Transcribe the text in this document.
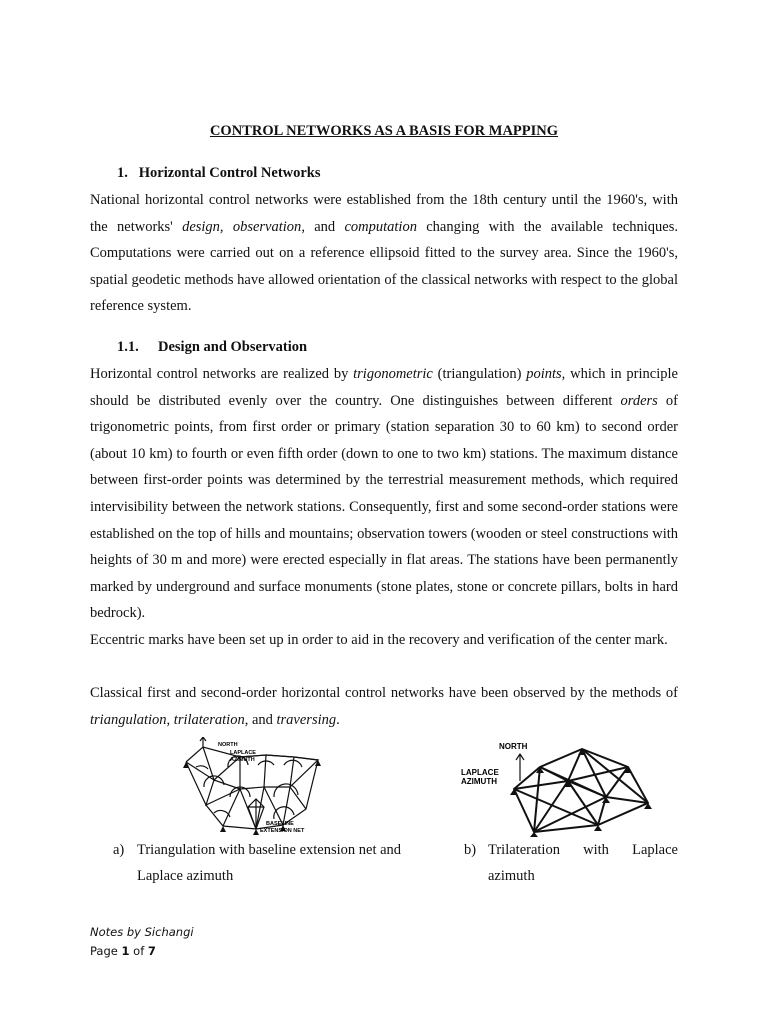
CONTROL NETWORKS AS A BASIS FOR MAPPING
1. Horizontal Control Networks
National horizontal control networks were established from the 18th century until the 1960's, with the networks' design, observation, and computation changing with the available techniques. Computations were carried out on a reference ellipsoid fitted to the survey area. Since the 1960's, spatial geodetic methods have allowed orientation of the classical networks with respect to the global reference system.
1.1. Design and Observation
Horizontal control networks are realized by trigonometric (triangulation) points, which in principle should be distributed evenly over the country. One distinguishes between different orders of trigonometric points, from first order or primary (station separation 30 to 60 km) to second order (about 10 km) to fourth or even fifth order (down to one to two km) stations. The maximum distance between first-order points was determined by the terrestrial measurement methods, which required intervisibility between the network stations. Consequently, first and some second-order stations were established on the top of hills and mountains; observation towers (wooden or steel constructions with heights of 30 m and more) were erected especially in flat areas. The stations have been permanently marked by underground and surface monuments (stone plates, stone or concrete pillars, bolts in hard bedrock).
Eccentric marks have been set up in order to aid in the recovery and verification of the center mark.
Classical first and second-order horizontal control networks have been observed by the methods of triangulation, trilateration, and traversing.
NORTH
LAPLACE
AZIMUTH
BASELINE
EXTENSION NET
NORTH
LAPLACE
AZIMUTH
a) Triangulation with baseline extension net and
Laplace azimuth
b) Trilateration with Laplace
azimuth
Notes by Sichangi
Page 1 of 7
